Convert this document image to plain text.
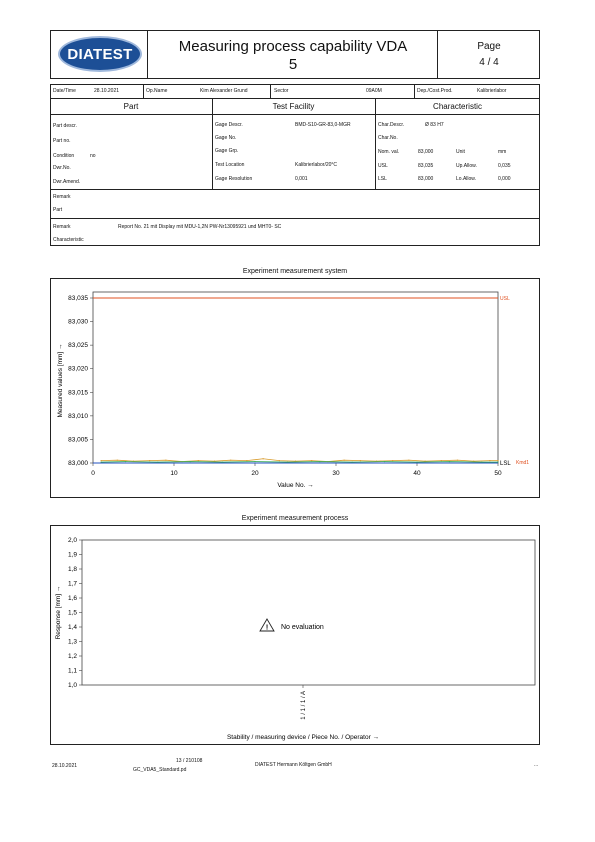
DIATEST	Measuring process capability VDA
5
Page
4 / 4
Date/Time	28.10.2021	Op.Name	Kim Alexander Grund	Sector	09A0M	Dep./Cost.Prod.	Kalibrierlabor
Part	Test Facility	Characteristic
Part descr.
Part no.
Condition	no
Dwr.No.
Dwr.Amend.
Gage Descr.	BMD-S10-GR-83,0-MGR
Gage No.
Gage Grp.
Test Location	Kalibrierlabor/20°C
Gage Resolution	0,001
Char.Descr.	Ø 83 H7
Char.No.
Nom. val.	83,000	Unit	mm
USL	83,035	Up.Allow.	0,035
LSL	83,000	Lo.Allow.	0,000
Remark
Part
Remark	Report No. 21 mit Display mit MDU-1,2N PW-Nr13095921 und MHT0- SC
Characteristic
Experiment measurement system
83,000
83,005
83,010
83,015
83,020
83,025
83,030
83,035
0	10	20	30	40	50
Value No. →
Measured values [mm] →
USL
LSL Kmd1
Experiment measurement process
1,0
1,1
1,2
1,3
1,4
1,5
1,6
1,7
1,8
1,9
2,0
Response [mm] →
1 / 1 / 1 / A
Stability / measuring device / Piece No. / Operator →
! No evaluation
28.10.2021
13 / 210108
GC_VDA5_Standard.pd
DIATEST Hermann Költgen GmbH	...
